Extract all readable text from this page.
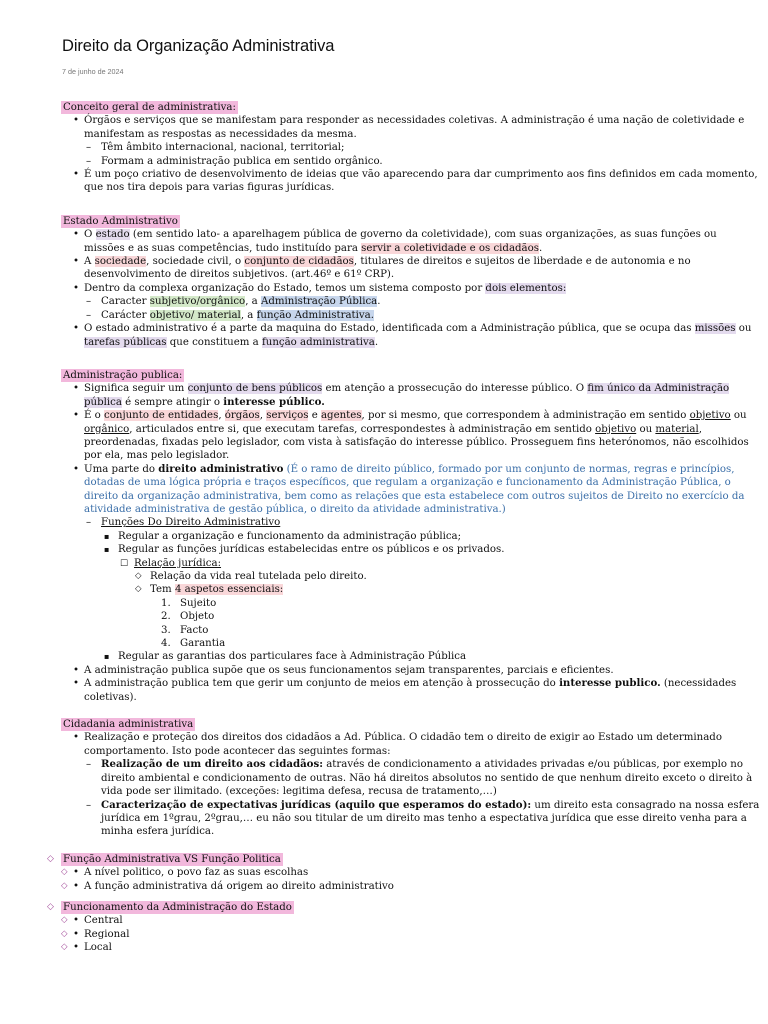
Direito da Organização Administrativa
7 de junho de 2024
Conceito geral de administrativa:
• Órgãos e serviços que se manifestam para responder as necessidades coletivas. A administração é uma nação de coletividade e manifestam as respostas as necessidades da mesma.
– Têm âmbito internacional, nacional, territorial;
– Formam a administração publica em sentido orgânico.
• É um poço criativo de desenvolvimento de ideias que vão aparecendo para dar cumprimento aos fins definidos em cada momento, que nos tira depois para varias figuras jurídicas.
Estado Administrativo
• O estado (em sentido lato- a aparelhagem pública de governo da coletividade), com suas organizações, as suas funções ou missões e as suas competências, tudo instituído para servir a coletividade e os cidadãos.
• A sociedade, sociedade civil, o conjunto de cidadãos, titulares de direitos e sujeitos de liberdade e de autonomia e no desenvolvimento de direitos subjetivos. (art.46º e 61º CRP).
• Dentro da complexa organização do Estado, temos um sistema composto por dois elementos:
– Caracter subjetivo/orgânico, a Administração Pública.
– Carácter objetivo/ material, a função Administrativa.
• O estado administrativo é a parte da maquina do Estado, identificada com a Administração pública, que se ocupa das missões ou tarefas públicas que constituem a função administrativa.
Administração publica:
• Significa seguir um conjunto de bens públicos em atenção a prossecução do interesse público. O fim único da Administração pública é sempre atingir o interesse público.
• É o conjunto de entidades, órgãos, serviços e agentes, por si mesmo, que correspondem à administração em sentido objetivo ou orgânico, articulados entre si, que executam tarefas, correspondestes à administração em sentido objetivo ou material, preordenadas, fixadas pelo legislador, com vista à satisfação do interesse público. Prosseguem fins heterónomos, não escolhidos por ela, mas pelo legislador.
• Uma parte do direito administrativo (É o ramo de direito público, formado por um conjunto de normas, regras e princípios, dotadas de uma lógica própria e traços específicos, que regulam a organização e funcionamento da Administração Pública, o direito da organização administrativa, bem como as relações que esta estabelece com outros sujeitos de Direito no exercício da atividade administrativa de gestão pública, o direito da atividade administrativa.)
– Funções Do Direito Administrativo
▪ Regular a organização e funcionamento da administração pública;
▪ Regular as funções jurídicas estabelecidas entre os públicos e os privados.
□ Relação jurídica:
◇ Relação da vida real tutelada pelo direito.
◇ Tem 4 aspetos essenciais:
1. Sujeito
2. Objeto
3. Facto
4. Garantia
▪ Regular as garantias dos particulares face à Administração Pública
• A administração publica supõe que os seus funcionamentos sejam transparentes, parciais e eficientes.
• A administração publica tem que gerir um conjunto de meios em atenção à prossecução do interesse publico. (necessidades coletivas).
Cidadania administrativa
• Realização e proteção dos direitos dos cidadãos a Ad. Pública. O cidadão tem o direito de exigir ao Estado um determinado comportamento. Isto pode acontecer das seguintes formas:
– Realização de um direito aos cidadãos: através de condicionamento a atividades privadas e/ou públicas, por exemplo no direito ambiental e condicionamento de outras. Não há direitos absolutos no sentido de que nenhum direito exceto o direito à vida pode ser ilimitado. (exceções: legitima defesa, recusa de tratamento,…)
– Caracterização de expectativas jurídicas (aquilo que esperamos do estado): um direito esta consagrado na nossa esfera jurídica em 1ºgrau, 2ºgrau,… eu não sou titular de um direito mas tenho a espectativa jurídica que esse direito venha para a minha esfera jurídica.
◇ Função Administrativa VS Função Politica
• A nível politico, o povo faz as suas escolhas ◇
• A função administrativa dá origem ao direito administrativo ◇
◇ Funcionamento da Administração do Estado
• Central ◇
• Regional ◇
• Local ◇
